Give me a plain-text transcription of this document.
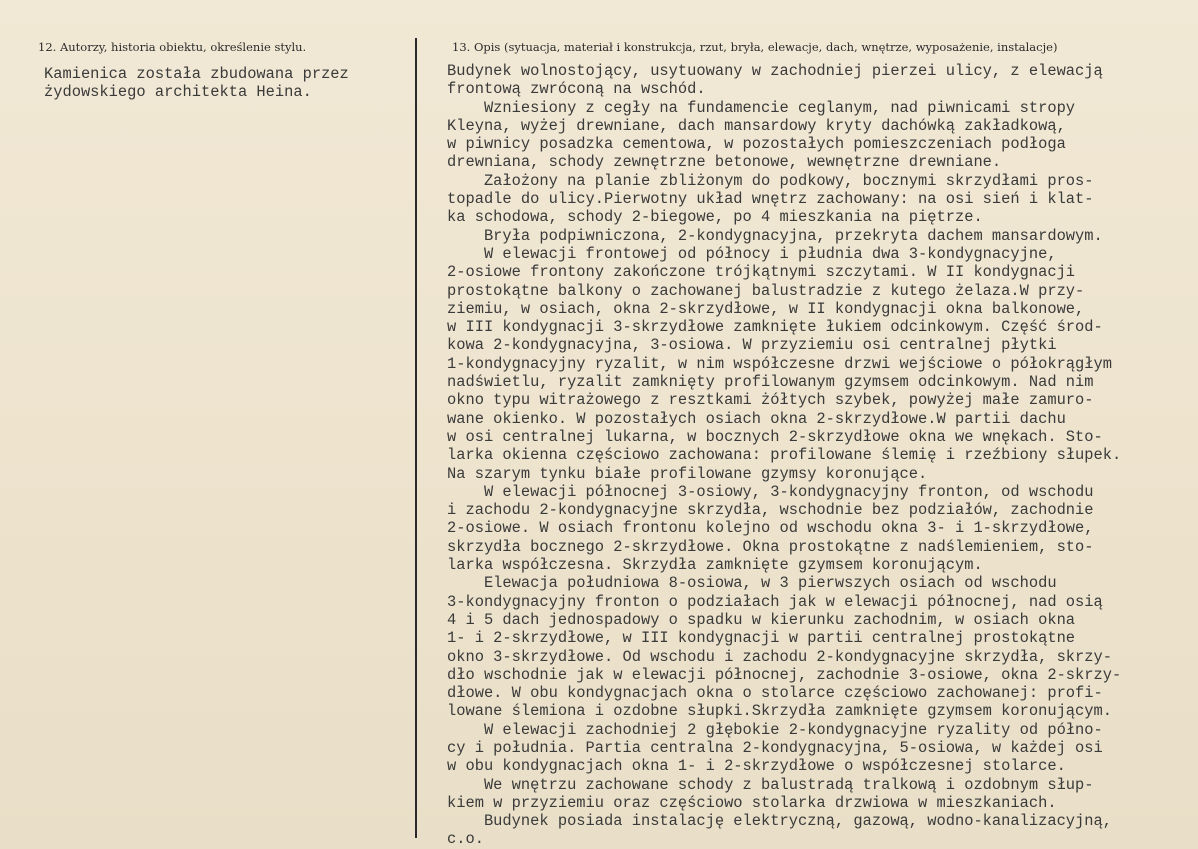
12. Autorzy, historia obiektu, określenie stylu.	13. Opis (sytuacja, materiał i konstrukcja, rzut, bryła, elewacje, dach, wnętrze, wyposażenie, instalacje)
Kamienica została zbudowana przez
żydowskiego architekta Heina.
Budynek wolnostojący, usytuowany w zachodniej pierzei ulicy, z elewacją
frontową zwróconą na wschód.
Wzniesiony z cegły na fundamencie ceglanym, nad piwnicami stropy
Kleyna, wyżej drewniane, dach mansardowy kryty dachówką zakładkową,
w piwnicy posadzka cementowa, w pozostałych pomieszczeniach podłoga
drewniana, schody zewnętrzne betonowe, wewnętrzne drewniane.
Założony na planie zbliżonym do podkowy, bocznymi skrzydłami pros-
topadle do ulicy.Pierwotny układ wnętrz zachowany: na osi sień i klat-
ka schodowa, schody 2-biegowe, po 4 mieszkania na piętrze.
Bryła podpiwniczona, 2-kondygnacyjna, przekryta dachem mansardowym.
W elewacji frontowej od północy i płudnia dwa 3-kondygnacyjne,
2-osiowe frontony zakończone trójkątnymi szczytami. W II kondygnacji
prostokątne balkony o zachowanej balustradzie z kutego żelaza.W przy-
ziemiu, w osiach, okna 2-skrzydłowe, w II kondygnacji okna balkonowe,
w III kondygnacji 3-skrzydłowe zamknięte łukiem odcinkowym. Część środ-
kowa 2-kondygnacyjna, 3-osiowa. W przyziemiu osi centralnej płytki
1-kondygnacyjny ryzalit, w nim współczesne drzwi wejściowe o półokrągłym
nadświetlu, ryzalit zamknięty profilowanym gzymsem odcinkowym. Nad nim
okno typu witrażowego z resztkami żółtych szybek, powyżej małe zamuro-
wane okienko. W pozostałych osiach okna 2-skrzydłowe.W partii dachu
w osi centralnej lukarna, w bocznych 2-skrzydłowe okna we wnękach. Sto-
larka okienna częściowo zachowana: profilowane ślemię i rzeźbiony słupek.
Na szarym tynku białe profilowane gzymsy koronujące.
W elewacji północnej 3-osiowy, 3-kondygnacyjny fronton, od wschodu
i zachodu 2-kondygnacyjne skrzydła, wschodnie bez podziałów, zachodnie
2-osiowe. W osiach frontonu kolejno od wschodu okna 3- i 1-skrzydłowe,
skrzydła bocznego 2-skrzydłowe. Okna prostokątne z nadślemieniem, sto-
larka współczesna. Skrzydła zamknięte gzymsem koronującym.
Elewacja południowa 8-osiowa, w 3 pierwszych osiach od wschodu
3-kondygnacyjny fronton o podziałach jak w elewacji północnej, nad osią
4 i 5 dach jednospadowy o spadku w kierunku zachodnim, w osiach okna
1- i 2-skrzydłowe, w III kondygnacji w partii centralnej prostokątne
okno 3-skrzydłowe. Od wschodu i zachodu 2-kondygnacyjne skrzydła, skrzy-
dło wschodnie jak w elewacji północnej, zachodnie 3-osiowe, okna 2-skrzy-
dłowe. W obu kondygnacjach okna o stolarce częściowo zachowanej: profi-
lowane ślemiona i ozdobne słupki.Skrzydła zamknięte gzymsem koronującym.
W elewacji zachodniej 2 głębokie 2-kondygnacyjne ryzality od półno-
cy i południa. Partia centralna 2-kondygnacyjna, 5-osiowa, w każdej osi
w obu kondygnacjach okna 1- i 2-skrzydłowe o współczesnej stolarce.
We wnętrzu zachowane schody z balustradą tralkową i ozdobnym słup-
kiem w przyziemiu oraz częściowo stolarka drzwiowa w mieszkaniach.
Budynek posiada instalację elektryczną, gazową, wodno-kanalizacyjną,
c.o.
